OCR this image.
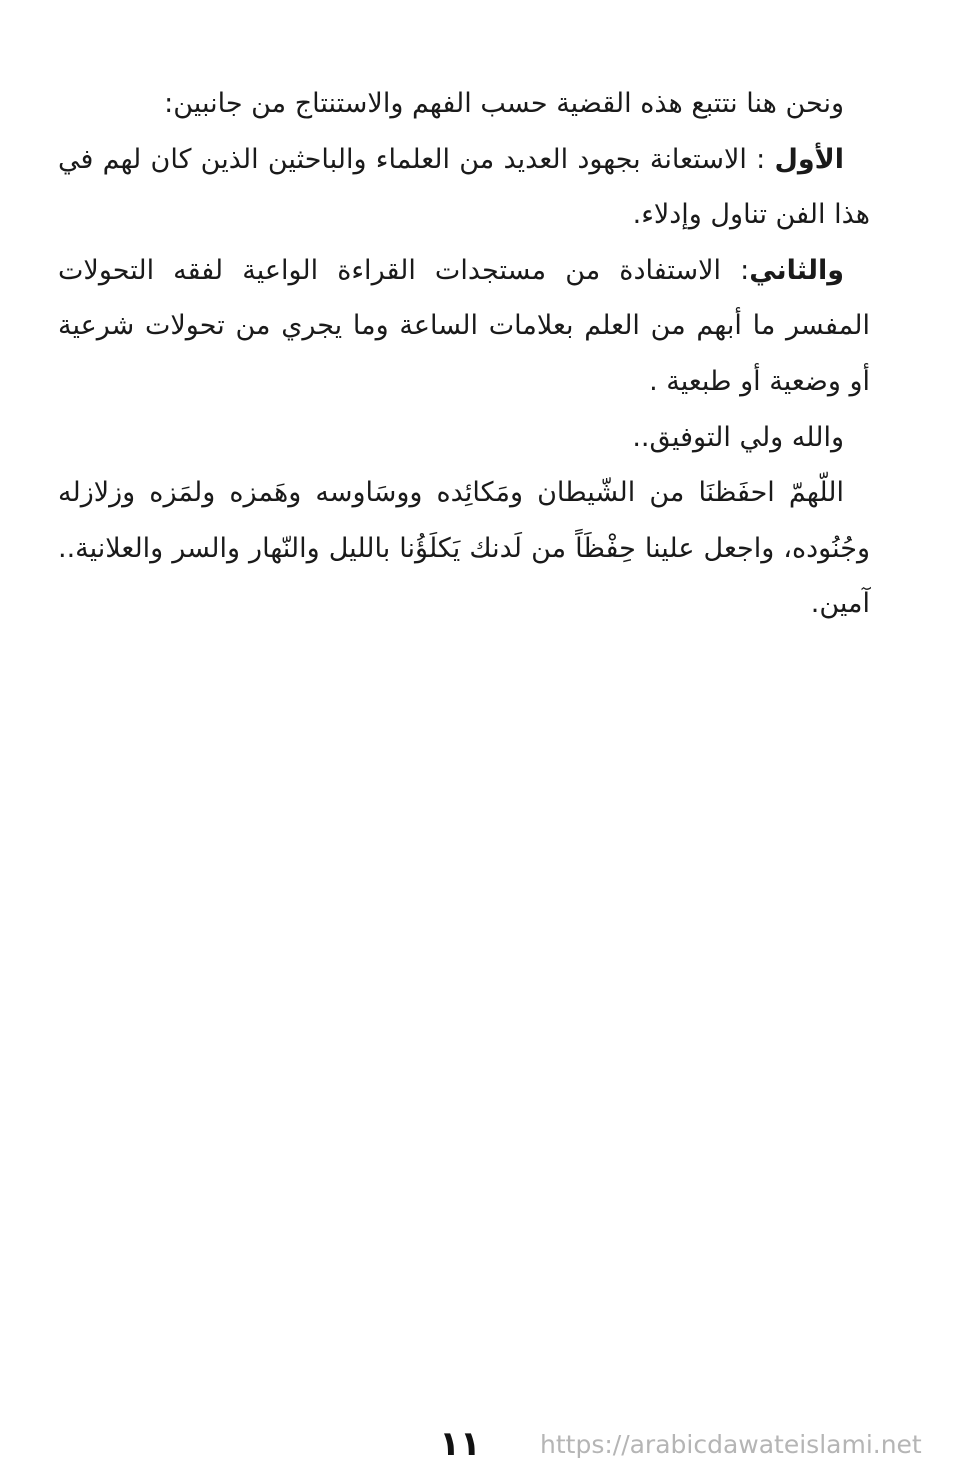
ونحن هنا نتتبع هذه القضية حسب الفهم والاستنتاج من جانبين:

الأول : الاستعانة بجهود العديد من العلماء والباحثين الذين كان لهم في هذا الفن تناول وإدلاء.

والثاني: الاستفادة من مستجدات القراءة الواعية لفقه التحولات المفسر ما أبهم من العلم بعلامات الساعة وما يجري من تحولات شرعية أو وضعية أو طبعية .

والله ولي التوفيق..

اللّهمّ احفَظنَا من الشّيطان ومَكائِده ووسَاوسه وهَمزه ولمَزه وزلازله وجُنُوده، واجعل علينا حِفْظَاً من لَدنك يَكلَؤُنا بالليل والنّهار والسر والعلانية.. آمين.

١١	https://arabicdawateislami.net
